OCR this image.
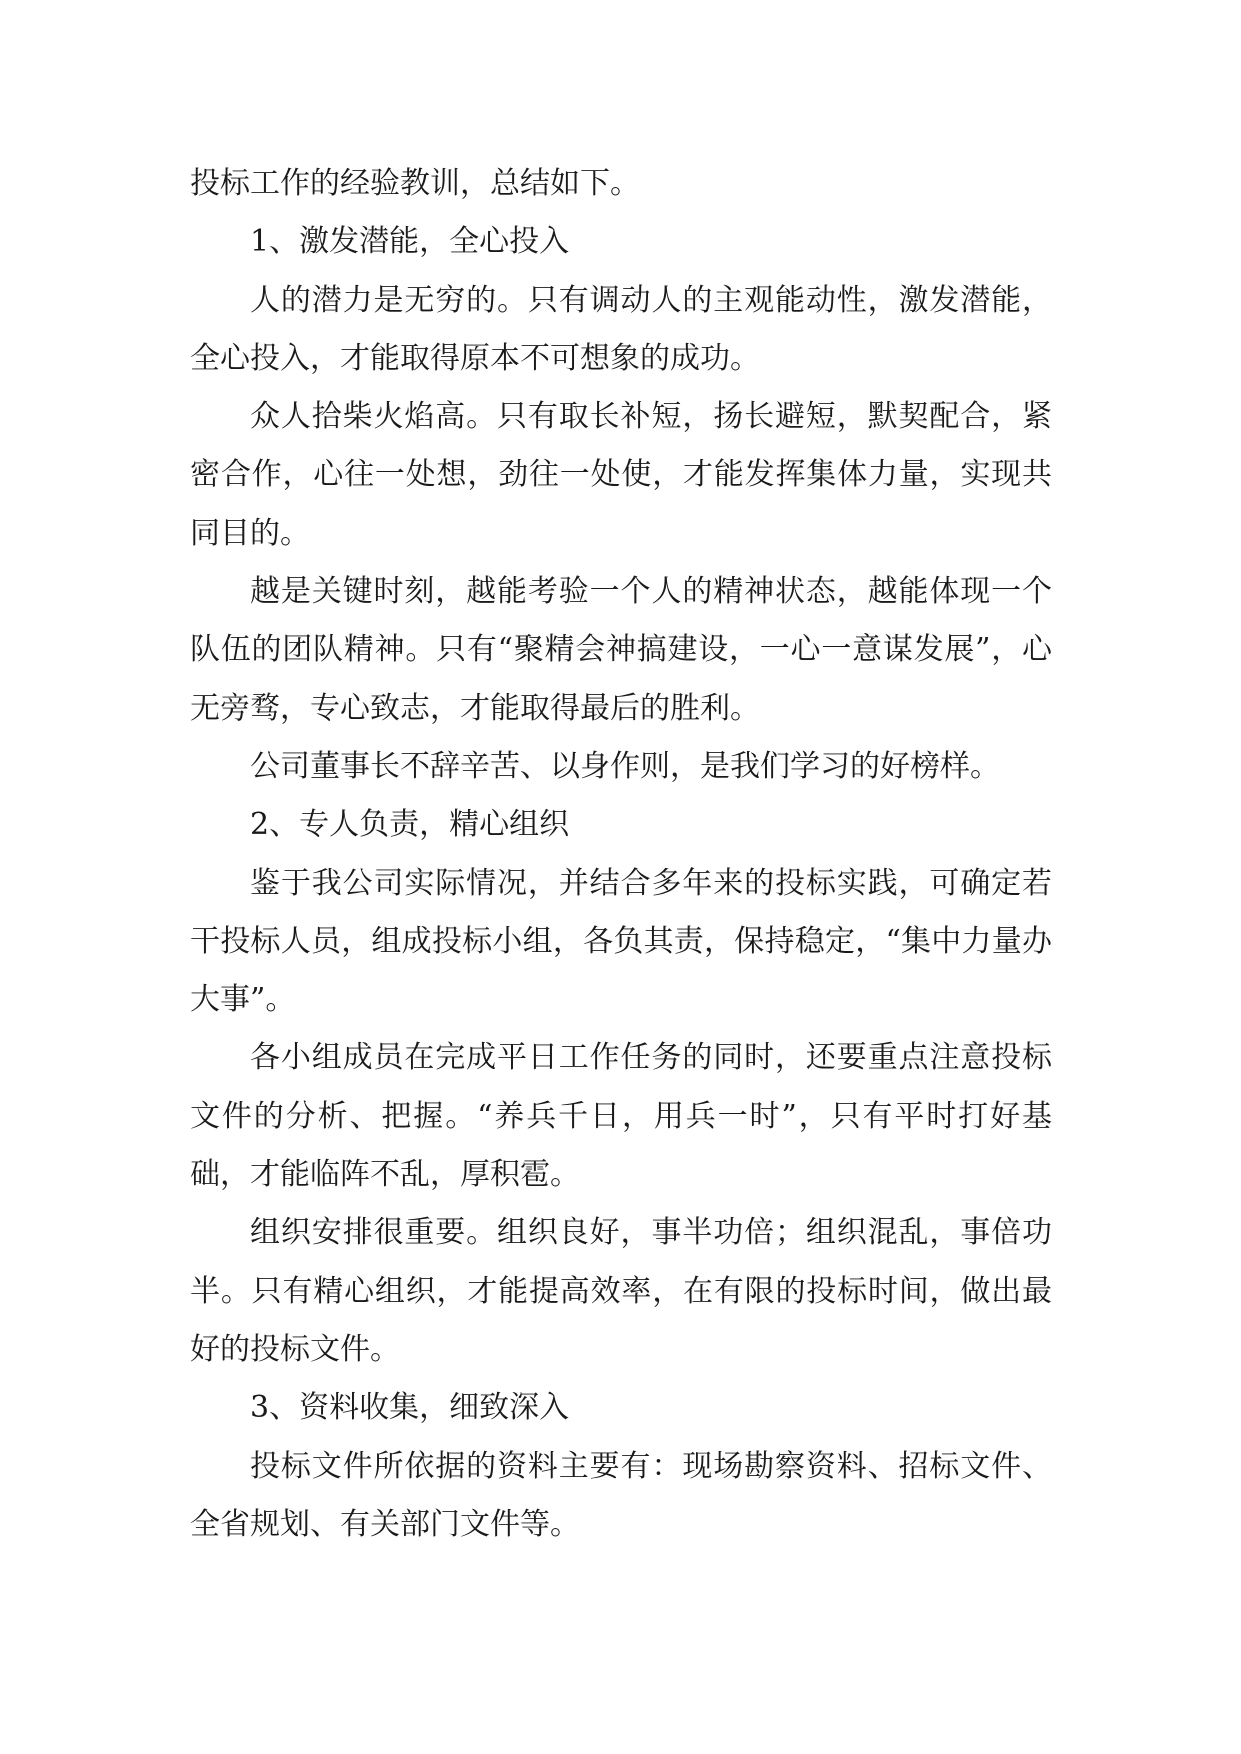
投标工作的经验教训，总结如下。

1、激发潜能，全心投入

人的潜力是无穷的。只有调动人的主观能动性，激发潜能，全心投入，才能取得原本不可想象的成功。

众人拾柴火焰高。只有取长补短，扬长避短，默契配合，紧密合作，心往一处想，劲往一处使，才能发挥集体力量，实现共同目的。

越是关键时刻，越能考验一个人的精神状态，越能体现一个队伍的团队精神。只有“聚精会神搞建设，一心一意谋发展”，心无旁骛，专心致志，才能取得最后的胜利。

公司董事长不辞辛苦、以身作则，是我们学习的好榜样。

2、专人负责，精心组织

鉴于我公司实际情况，并结合多年来的投标实践，可确定若干投标人员，组成投标小组，各负其责，保持稳定，“集中力量办大事”。

各小组成员在完成平日工作任务的同时，还要重点注意投标文件的分析、把握。“养兵千日，用兵一时”，只有平时打好基础，才能临阵不乱，厚积雹。

组织安排很重要。组织良好，事半功倍；组织混乱，事倍功半。只有精心组织，才能提高效率，在有限的投标时间，做出最好的投标文件。

3、资料收集，细致深入

投标文件所依据的资料主要有：现场勘察资料、招标文件、全省规划、有关部门文件等。
